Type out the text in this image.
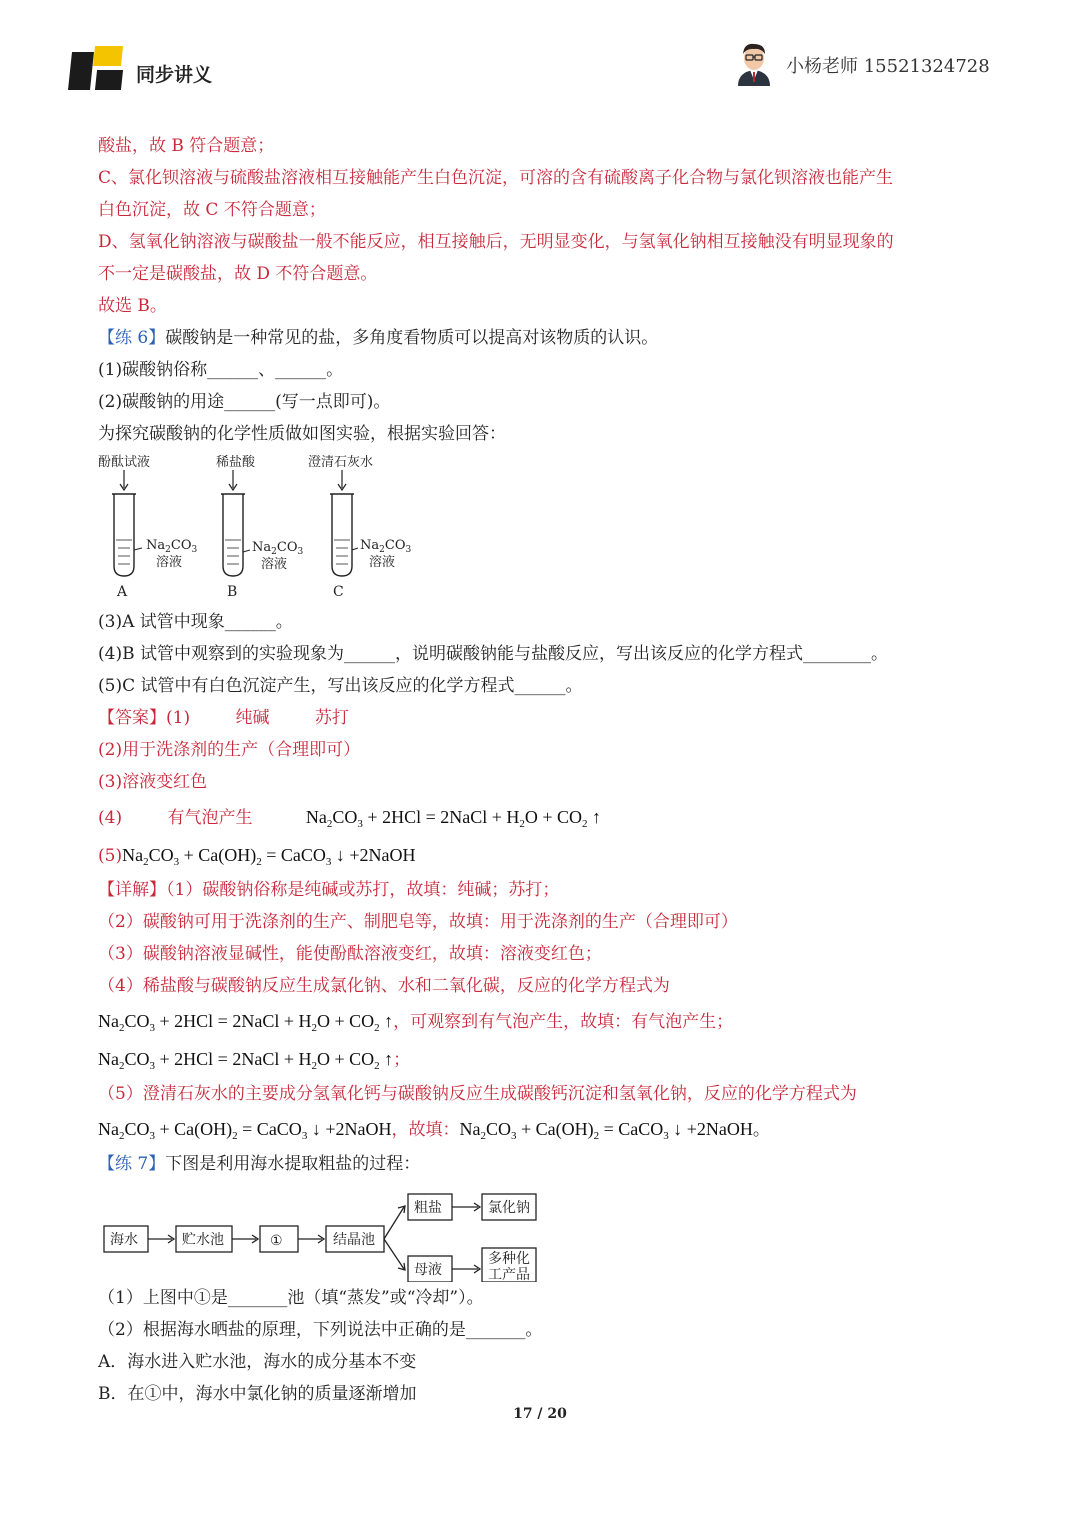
同步讲义	小杨老师 15521324728
酸盐，故 B 符合题意；
C、氯化钡溶液与硫酸盐溶液相互接触能产生白色沉淀，可溶的含有硫酸离子化合物与氯化钡溶液也能产生
白色沉淀，故 C 不符合题意；
D、氢氧化钠溶液与碳酸盐一般不能反应，相互接触后，无明显变化，与氢氧化钠相互接触没有明显现象的
不一定是碳酸盐，故 D 不符合题意。
故选 B。
【练 6】碳酸钠是一种常见的盐，多角度看物质可以提高对该物质的认识。
(1)碳酸钠俗称______、______。
(2)碳酸钠的用途______(写一点即可)。
为探究碳酸钠的化学性质做如图实验，根据实验回答：
酚酞试液
$Na_2CO_3$
溶液
A
稀盐酸
$Na_2CO_3$
溶液
B
澄清石灰水
$Na_2CO_3$
溶液
C
(3)A 试管中现象______。
(4)B 试管中观察到的实验现象为______，说明碳酸钠能与盐酸反应，写出该反应的化学方程式________。
(5)C 试管中有白色沉淀产生，写出该反应的化学方程式______。
【答案】(1)	纯碱	苏打
(2)用于洗涤剂的生产（合理即可）
(3)溶液变红色
(4)	有气泡产生	$Na_2CO_3 + 2HCl$ = 2NaCl + $H_2O + CO_2$ ↑
$(5)Na_2CO_3 + Ca(OH)_2$ = CaCO$_3$ ↓ +2NaOH
【详解】（1）碳酸钠俗称是纯碱或苏打，故填：纯碱；苏打；
（2）碳酸钠可用于洗涤剂的生产、制肥皂等，故填：用于洗涤剂的生产（合理即可）
（3）碳酸钠溶液显碱性，能使酚酞溶液变红，故填：溶液变红色；
（4）稀盐酸与碳酸钠反应生成氯化钠、水和二氧化碳，反应的化学方程式为
$Na_2CO_3 + 2HCl$ = 2NaCl + $H_2O + CO_2$ ↑，可观察到有气泡产生，故填：有气泡产生；
$Na_2CO_3 + 2HCl$ = 2NaCl + $H_2O + CO_2$ ↑；
（5）澄清石灰水的主要成分氢氧化钙与碳酸钠反应生成碳酸钙沉淀和氢氧化钠，反应的化学方程式为
$Na_2CO_3 + Ca(OH)_2$ = CaCO$_3$ ↓ +2NaOH，故填：$Na_2CO_3 + Ca(OH)_2$ = CaCO$_3$ ↓ +2NaOH。
【练 7】下图是利用海水提取粗盐的过程：
海水	贮水池	①	结晶池
粗盐
母液
氯化钠
多种化
工产品
（1）上图中①是_______池（填“蒸发”或“冷却”）。
（2）根据海水晒盐的原理，下列说法中正确的是_______。
A．海水进入贮水池，海水的成分基本不变
B．在①中，海水中氯化钠的质量逐渐增加
17 / 20
